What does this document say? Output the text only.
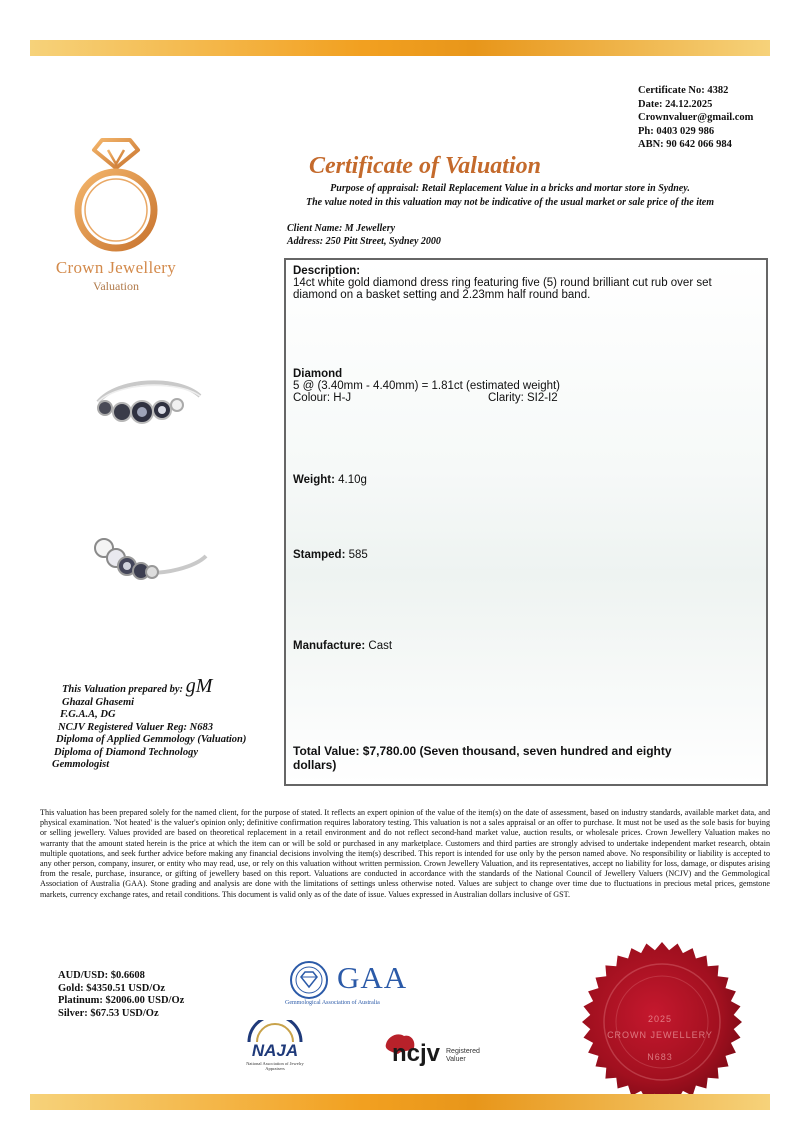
Certificate No: 4382
Date: 24.12.2025
Crownvaluer@gmail.com
Ph: 0403 029 986
ABN: 90 642 066 984
Crown Jewellery
Valuation
Certificate of Valuation
Purpose of appraisal: Retail Replacement Value in a bricks and mortar store in Sydney.
The value noted in this valuation may not be indicative of the usual market or sale price of the item
Client Name: M Jewellery
Address: 250 Pitt Street, Sydney 2000
Description:
14ct white gold diamond dress ring featuring five (5) round brilliant cut rub over set diamond on a basket setting and 2.23mm half round band.
Diamond
5 @ (3.40mm - 4.40mm) = 1.81ct (estimated weight)
Colour: H-J	Clarity: SI2-I2
Weight: 4.10g
Stamped: 585
Manufacture: Cast
Total Value: $7,780.00 (Seven thousand, seven hundred and eighty
dollars)
This Valuation prepared by: gM
Ghazal Ghasemi
F.G.A.A, DG
NCJV Registered Valuer Reg: N683
Diploma of Applied Gemmology (Valuation)
Diploma of Diamond Technology
Gemmologist
This valuation has been prepared solely for the named client, for the purpose of stated. It reflects an expert opinion of the value of the item(s) on the date of assessment, based on industry standards, available market data, and physical examination. 'Not heated' is the valuer's opinion only; definitive confirmation requires laboratory testing. This valuation is not a sales appraisal or an offer to purchase. It must not be used as the sole basis for buying or selling jewellery. Values provided are based on theoretical replacement in a retail environment and do not reflect second-hand market value, auction results, or wholesale prices. Crown Jewellery Valuation makes no warranty that the amount stated herein is the price at which the item can or will be sold or purchased in any marketplace. Customers and third parties are strongly advised to undertake independent market research, obtain multiple quotations, and seek further advice before making any financial decisions involving the item(s) described. This report is intended for use only by the person named above. No responsibility or liability is accepted to any other person, company, insurer, or entity who may read, use, or rely on this valuation without written permission. Crown Jewellery Valuation, and its representatives, accept no liability for loss, damage, or disputes arising from the resale, purchase, insurance, or gifting of jewellery based on this report. Valuations are conducted in accordance with the standards of the National Council of Jewellery Valuers (NCJV) and the Gemmological Association of Australia (GAA). Stone grading and analysis are done with the limitations of settings unless otherwise noted. Values are subject to change over time due to fluctuations in precious metal prices, gemstone markets, currency exchange rates, and retail conditions. This document is valid only as of the date of issue. Values expressed in Australian dollars inclusive of GST.
AUD/USD: $0.6608
Gold: $4350.51 USD/Oz
Platinum: $2006.00 USD/Oz
Silver: $67.53 USD/Oz
GAA
Gemmological Association of Australia
NAJA
National Association of Jewelry Appraisers
ncjv Registered
Valuer
2025
CROWN JEWELLERY
N683
